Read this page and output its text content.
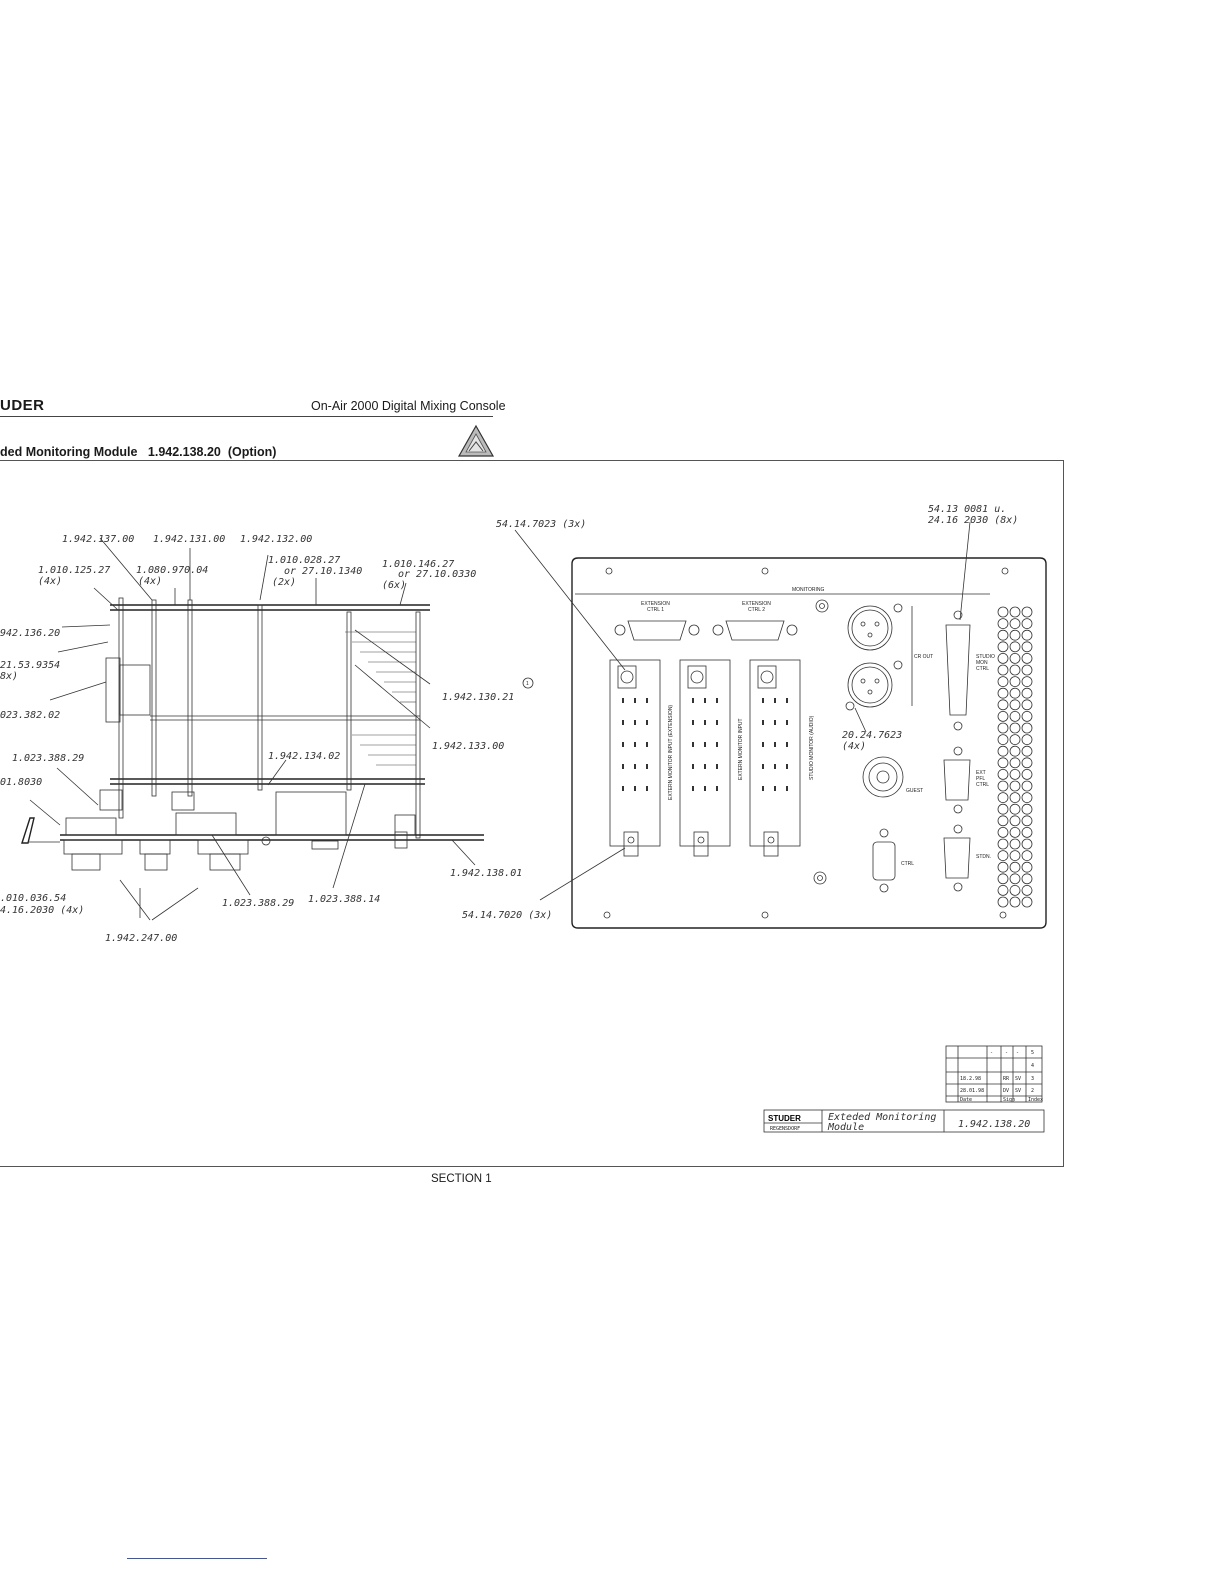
UDER	On-Air 2000 Digital Mixing Console
ded Monitoring Module   1.942.138.20  (Option)
1.942.137.00 1.942.131.00 1.942.132.00
1.010.125.27
(4x)
1.080.970.04
(4x)
1.010.028.27
or 27.10.1340
(2x)
1.010.146.27
or 27.10.0330
(6x)
942.136.20
21.53.9354
8x)
023.382.02
1.942.130.21
1.942.133.00
1.023.388.29
01.8030
1.942.134.02
.010.036.54
4.16.2030 (4x)
1.023.388.29 1.023.388.14
1.942.247.00
1.942.138.01
1
MONITORING
EXTENSION
CTRL 1
EXTENSION
CTRL 2
EXTERN MONITOR INPUT (EXTENSION)	EXTERN MONITOR INPUT	STUDIO MONITOR (AUDIO)
CR OUT
GUEST
CTRL
STUDIO
MON
CTRL
EXT
PFL
CTRL
STDN.
54.14.7023 (3x)
54.13 0081 u.
24.16 2030 (8x)
20.24.7623
(4x)
54.14.7020 (3x)
- - - 5
4
18.2.98	RR SV 3
28.01.98	DV SV 2
Date	Sign	Index
STUDER
REGENSDORF
Exteded Monitoring
Module	1.942.138.20
SECTION 1
